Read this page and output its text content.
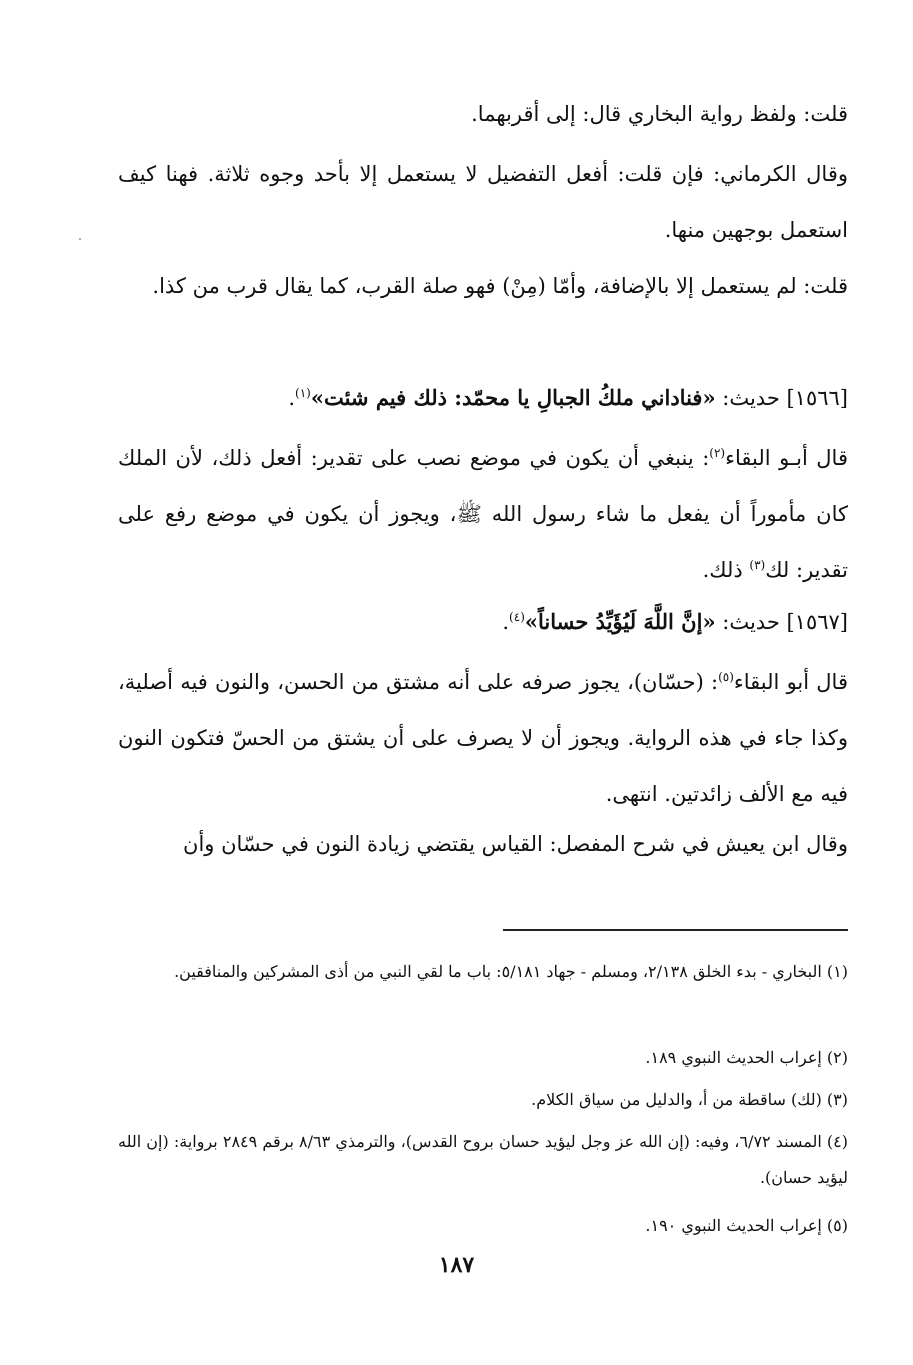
قلت: ولفظ رواية البخاري قال: إلى أقربهما.

وقال الكرماني: فإن قلت: أفعل التفضيل لا يستعمل إلا بأحد وجوه ثلاثة. فهنا كيف استعمل بوجهين منها.

قلت: لم يستعمل إلا بالإضافة، وأمّا (مِنْ) فهو صلة القرب، كما يقال قرب من كذا.

[١٥٦٦] حديث: «فناداني ملكُ الجبالِ يا محمّد: ذلك فيم شئت»$^{(١)}$.

قال أبـو البقاء$^{(٢)}$: ينبغي أن يكون في موضع نصب على تقدير: أفعل ذلك، لأن الملك كان مأموراً أن يفعل ما شاء رسول الله ﷺ، ويجوز أن يكون في موضع رفع على تقدير: لك$^{(٣)}$ ذلك.

[١٥٦٧] حديث: «إنَّ اللَّهَ لَيُؤَيِّدُ حساناً»$^{(٤)}$.

قال أبو البقاء$^{(٥)}$: (حسّان)، يجوز صرفه على أنه مشتق من الحسن، والنون فيه أصلية، وكذا جاء في هذه الرواية. ويجوز أن لا يصرف على أن يشتق من الحسّ فتكون النون فيه مع الألف زائدتين. انتهى.

وقال ابن يعيش في شرح المفصل: القياس يقتضي زيادة النون في حسّان وأن

(١) البخاري - بدء الخلق ٢/١٣٨، ومسلم - جهاد ٥/١٨١: باب ما لقي النبي من أذى المشركين والمنافقين.

(٢) إعراب الحديث النبوي ١٨٩.

(٣) (لك) ساقطة من أ، والدليل من سياق الكلام.

(٤) المسند ٦/٧٢، وفيه: (إن الله عز وجل ليؤيد حسان بروح القدس)، والترمذي ٨/٦٣ برقم ٢٨٤٩ برواية: (إن الله ليؤيد حسان).

(٥) إعراب الحديث النبوي ١٩٠.

١٨٧
